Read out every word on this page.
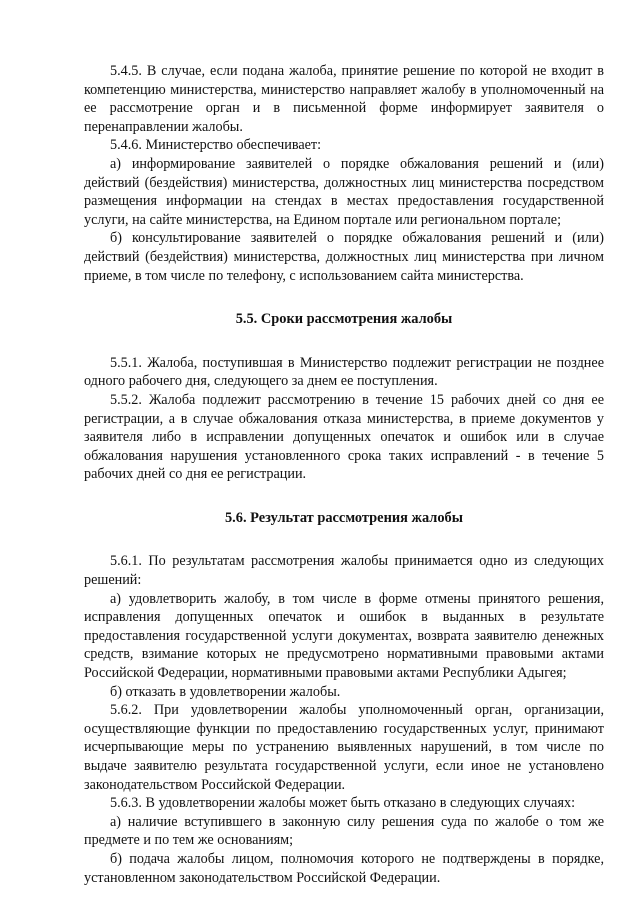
5.4.5. В случае, если подана жалоба, принятие решение по которой не входит в компетенцию министерства, министерство направляет жалобу в уполномоченный на ее рассмотрение орган и в письменной форме информирует заявителя о перенаправлении жалобы.

5.4.6. Министерство обеспечивает:

а) информирование заявителей о порядке обжалования решений и (или) действий (бездействия) министерства, должностных лиц министерства посредством размещения информации на стендах в местах предоставления государственной услуги, на сайте министерства, на Едином портале или региональном портале;

б) консультирование заявителей о порядке обжалования решений и (или) действий (бездействия) министерства, должностных лиц министерства при личном приеме, в том числе по телефону, с использованием сайта министерства.

5.5. Сроки рассмотрения жалобы

5.5.1. Жалоба, поступившая в Министерство подлежит регистрации не позднее одного рабочего дня, следующего за днем ее поступления.

5.5.2. Жалоба подлежит рассмотрению в течение 15 рабочих дней со дня ее регистрации, а в случае обжалования отказа министерства, в приеме документов у заявителя либо в исправлении допущенных опечаток и ошибок или в случае обжалования нарушения установленного срока таких исправлений - в течение 5 рабочих дней со дня ее регистрации.

5.6. Результат рассмотрения жалобы

5.6.1. По результатам рассмотрения жалобы принимается одно из следующих решений:

а) удовлетворить жалобу, в том числе в форме отмены принятого решения, исправления допущенных опечаток и ошибок в выданных в результате предоставления государственной услуги документах, возврата заявителю денежных средств, взимание которых не предусмотрено нормативными правовыми актами Российской Федерации, нормативными правовыми актами Республики Адыгея;

б) отказать в удовлетворении жалобы.

5.6.2. При удовлетворении жалобы уполномоченный орган, организации, осуществляющие функции по предоставлению государственных услуг, принимают исчерпывающие меры по устранению выявленных нарушений, в том числе по выдаче заявителю результата государственной услуги, если иное не установлено законодательством Российской Федерации.

5.6.3. В удовлетворении жалобы может быть отказано в следующих случаях:

а) наличие вступившего в законную силу решения суда по жалобе о том же предмете и по тем же основаниям;

б) подача жалобы лицом, полномочия которого не подтверждены в порядке, установленном законодательством Российской Федерации.
